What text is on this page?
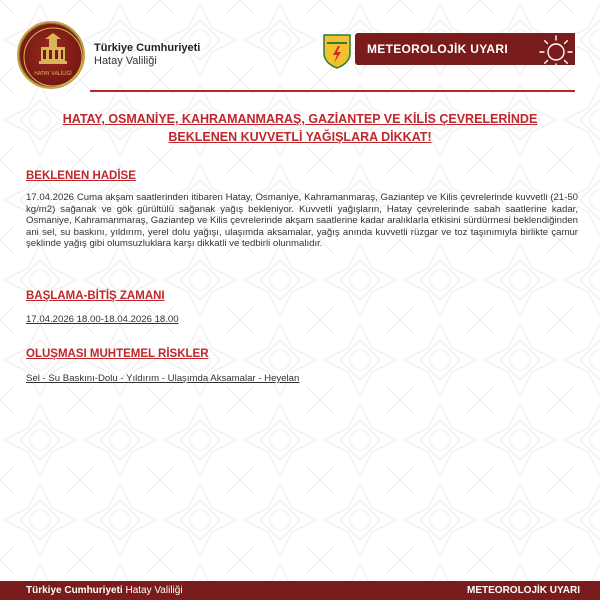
HATAY VALİLİĞİ
Türkiye Cumhuriyeti
Hatay Valiliği
METEOROLOJİK UYARI
HATAY, OSMANİYE, KAHRAMANMARAŞ, GAZİANTEP VE KİLİS ÇEVRELERİNDE BEKLENEN KUVVETLİ YAĞIŞLARA DİKKAT!
BEKLENEN HADİSE
17.04.2026 Cuma akşam saatlerinden itibaren Hatay, Osmaniye, Kahramanmaraş, Gaziantep ve Kilis çevrelerinde kuvvetli (21-50 kg/m2) sağanak ve gök gürültülü sağanak yağış bekleniyor. Kuvvetli yağışların, Hatay çevrelerinde sabah saatlerine kadar, Osmaniye, Kahramanmaraş, Gaziantep ve Kilis çevrelerinde akşam saatlerine kadar aralıklarla etkisini sürdürmesi beklendiğinden ani sel, su baskını, yıldırım, yerel dolu yağışı, ulaşımda aksamalar, yağış anında kuvvetli rüzgar ve toz taşınımıyla birlikte çamur şeklinde yağış gibi olumsuzluklara karşı dikkatli ve tedbirli olunmalıdır.
BAŞLAMA-BİTİŞ ZAMANI
17.04.2026 18.00-18.04.2026 18.00
OLUŞMASI MUHTEMEL RİSKLER
Sel - Su Baskını-Dolu - Yıldırım - Ulaşımda Aksamalar - Heyelan
Türkiye Cumhuriyeti Hatay Valiliği	METEOROLOJİK UYARI
